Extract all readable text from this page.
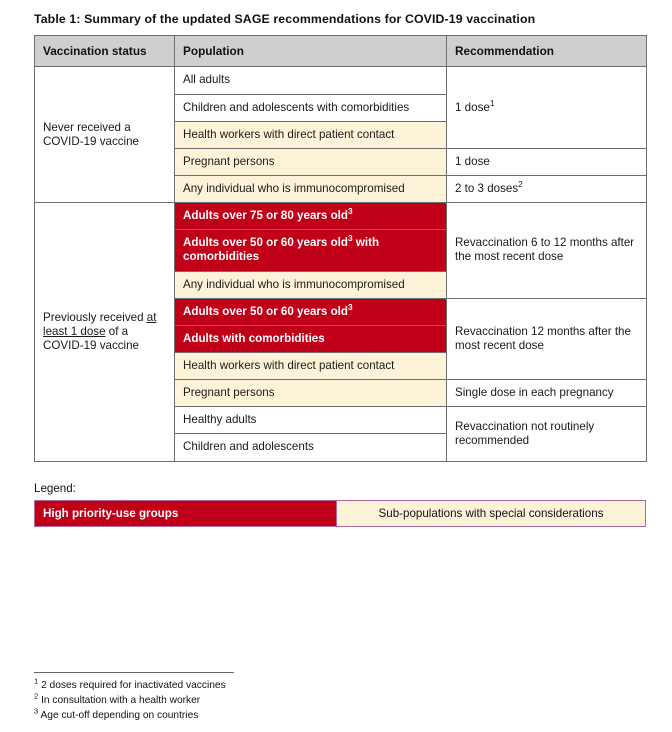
Table 1: Summary of the updated SAGE recommendations for COVID-19 vaccination
Vaccination status	Population	Recommendation
Never received a
COVID-19 vaccine	All adults	1 dose$^1$
	Children and adolescents with comorbidities	
	Health workers with direct patient contact	
	Pregnant persons	1 dose
	Any individual who is immunocompromised	2 to 3 doses$^2$
Previously received at least 1 dose of a COVID-19 vaccine	Adults over 75 or 80 years old$^3$	Revaccination 6 to 12 months after the most recent dose
	Adults over 50 or 60 years old$^3$ with comorbidities	
	Any individual who is immunocompromised	
	Adults over 50 or 60 years old$^3$	Revaccination 12 months after the most recent dose
	Adults with comorbidities	
	Health workers with direct patient contact	
	Pregnant persons	Single dose in each pregnancy
	Healthy adults	Revaccination not routinely recommended
	Children and adolescents	
Legend:
High priority-use groups	Sub-populations with special considerations
$^1$ 2 doses required for inactivated vaccines
$^2$ In consultation with a health worker
$^3$ Age cut-off depending on countries
